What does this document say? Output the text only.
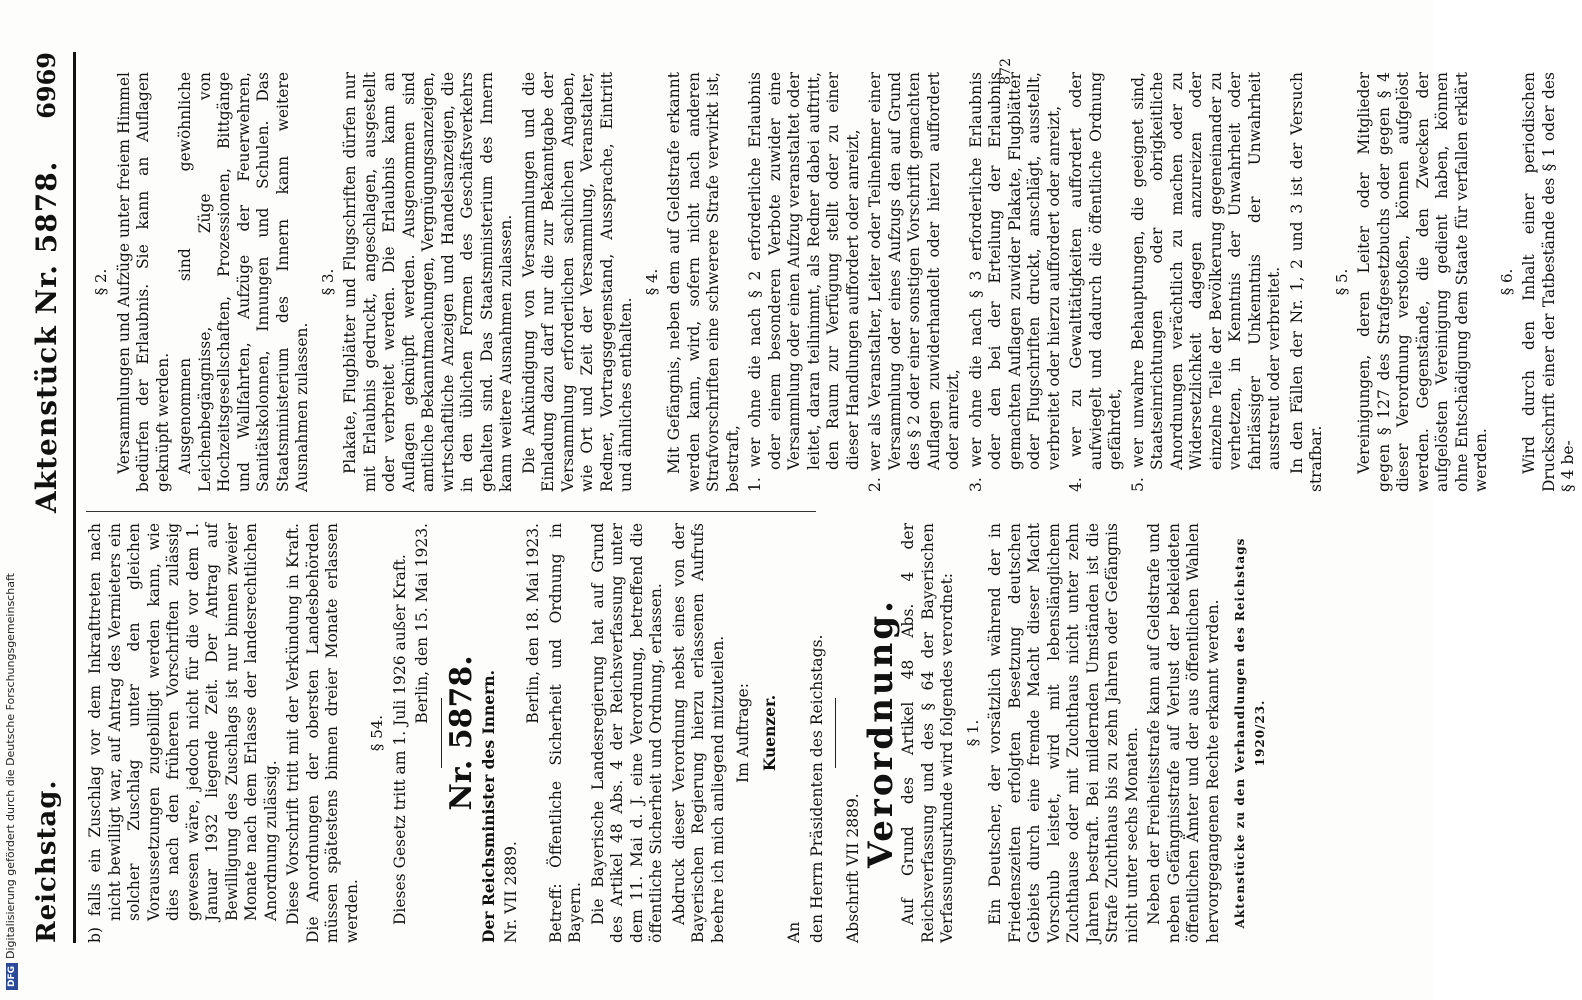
Reichstag.
Aktenstück Nr. 5878.
6969

b) falls ein Zuschlag vor dem Inkrafttreten nach nicht bewilligt war, auf Antrag des Vermieters ein solcher Zuschlag unter den gleichen Voraussetzungen zugebilligt werden kann, wie dies nach den früheren Vorschriften zulässig gewesen wäre, jedoch nicht für die vor dem 1. Januar 1932 liegende Zeit. Der Antrag auf Bewilligung des Zuschlags ist nur binnen zweier Monate nach dem Erlasse der landesrechtlichen Anordnung zulässig. Diese Vorschrift tritt mit der Verkündung in Kraft. Die Anordnungen der obersten Landesbehörden müssen spätestens binnen dreier Monate erlassen werden.

§ 54. Dieses Gesetz tritt am 1. Juli 1926 außer Kraft. Berlin, den 15. Mai 1923.

Nr. 5878. Der Reichsminister des Innern. Nr. VII 2889.

Berlin, den 18. Mai 1923. Betreff: Öffentliche Sicherheit und Ordnung in Bayern. Die Bayerische Landesregierung hat auf Grund des Artikel 48 Abs. 4 der Reichsverfassung unter dem 11. Mai d. J. eine Verordnung, betreffend die öffentliche Sicherheit und Ordnung, erlassen. Abdruck dieser Verordnung nebst eines von der Bayerischen Regierung hierzu erlassenen Aufrufs beehre ich mich anliegend mitzuteilen. Im Auftrage: Kuenzer.

An den Herrn Präsidenten des Reichstags. Abschrift VII 2889.

Verordnung.

Auf Grund des Artikel 48 Abs. 4 der Reichsverfassung und des § 64 der Bayerischen Verfassungsurkunde wird folgendes verordnet: § 1. Ein Deutscher, der vorsätzlich während der in Friedenszeiten erfolgten Besetzung deutschen Gebiets durch eine fremde Macht dieser Macht Vorschub leistet, wird mit lebenslänglichem Zuchthause oder mit Zuchthaus nicht unter zehn Jahren bestraft. Bei mildernden Umständen ist die Strafe Zuchthaus bis zu zehn Jahren oder Gefängnis nicht unter sechs Monaten. Neben der Freiheitsstrafe kann auf Geldstrafe und neben Gefängnisstrafe auf Verlust der bekleideten öffentlichen Ämter und der aus öffentlichen Wahlen hervorgegangenen Rechte erkannt werden. Aktenstücke zu den Verhandlungen des Reichstags 1920/23.

§ 2. Versammlungen und Aufzüge unter freiem Himmel bedürfen der Erlaubnis. Sie kann an Auflagen geknüpft werden. Ausgenommen sind gewöhnliche Leichenbegängnisse, Züge von Hochzeitsgesellschaften, Prozessionen, Bittgänge und Wallfahrten, Aufzüge der Feuerwehren, Sanitätskolonnen, Innungen und Schulen. Das Staatsministerium des Innern kann weitere Ausnahmen zulassen.

§ 3. Plakate, Flugblätter und Flugschriften dürfen nur mit Erlaubnis gedruckt, angeschlagen, ausgestellt oder verbreitet werden. Die Erlaubnis kann an Auflagen geknüpft werden. Ausgenommen sind amtliche Bekanntmachungen, Vergnügungsanzeigen, wirtschaftliche Anzeigen und Handelsanzeigen, die in den üblichen Formen des Geschäftsverkehrs gehalten sind. Das Staatsministerium des Innern kann weitere Ausnahmen zulassen. Die Ankündigung von Versammlungen und die Einladung dazu darf nur die zur Bekanntgabe der Versammlung erforderlichen sachlichen Angaben, wie Ort und Zeit der Versammlung, Veranstalter, Redner, Vortragsgegenstand, Aussprache, Eintritt und ähnliches enthalten.

§ 4. Mit Gefängnis, neben dem auf Geldstrafe erkannt werden kann, wird, sofern nicht nach anderen Strafvorschriften eine schwerere Strafe verwirkt ist, bestraft, 1. wer ohne die nach § 2 erforderliche Erlaubnis oder einem besonderen Verbote zuwider eine Versammlung oder einen Aufzug veranstaltet oder leitet, daran teilnimmt, als Redner dabei auftritt, den Raum zur Verfügung stellt oder zu einer dieser Handlungen auffordert oder anreizt, 2. wer als Veranstalter, Leiter oder Teilnehmer einer Versammlung oder eines Aufzugs den auf Grund des § 2 oder einer sonstigen Vorschrift gemachten Auflagen zuwiderhandelt oder hierzu auffordert oder anreizt, 3. wer ohne die nach § 3 erforderliche Erlaubnis oder den bei der Erteilung der Erlaubnis gemachten Auflagen zuwider Plakate, Flugblätter oder Flugschriften druckt, anschlägt, ausstellt, verbreitet oder hierzu auffordert oder anreizt, 4. wer zu Gewalttätigkeiten auffordert oder aufwiegelt und dadurch die öffentliche Ordnung gefährdet, 5. wer unwahre Behauptungen, die geeignet sind, Staatseinrichtungen oder obrigkeitliche Anordnungen verächtlich zu machen oder zu Widersetzlichkeit dagegen anzureizen oder einzelne Teile der Bevölkerung gegeneinander zu verhetzen, in Kenntnis der Unwahrheit oder fahrlässiger Unkenntnis der Unwahrheit ausstreut oder verbreitet. In den Fällen der Nr. 1, 2 und 3 ist der Versuch strafbar.

§ 5. Vereinigungen, deren Leiter oder Mitglieder gegen § 127 des Strafgesetzbuchs oder gegen § 4 dieser Verordnung verstoßen, können aufgelöst werden. Gegenstände, die den Zwecken der aufgelösten Vereinigung gedient haben, können ohne Entschädigung dem Staate für verfallen erklärt werden.

§ 6. Wird durch den Inhalt einer periodischen Druckschrift einer der Tatbestände des § 1 oder des § 4 be-

872
DFGDigitalisierung gefördert durch die Deutsche Forschungsgemeinschaft
